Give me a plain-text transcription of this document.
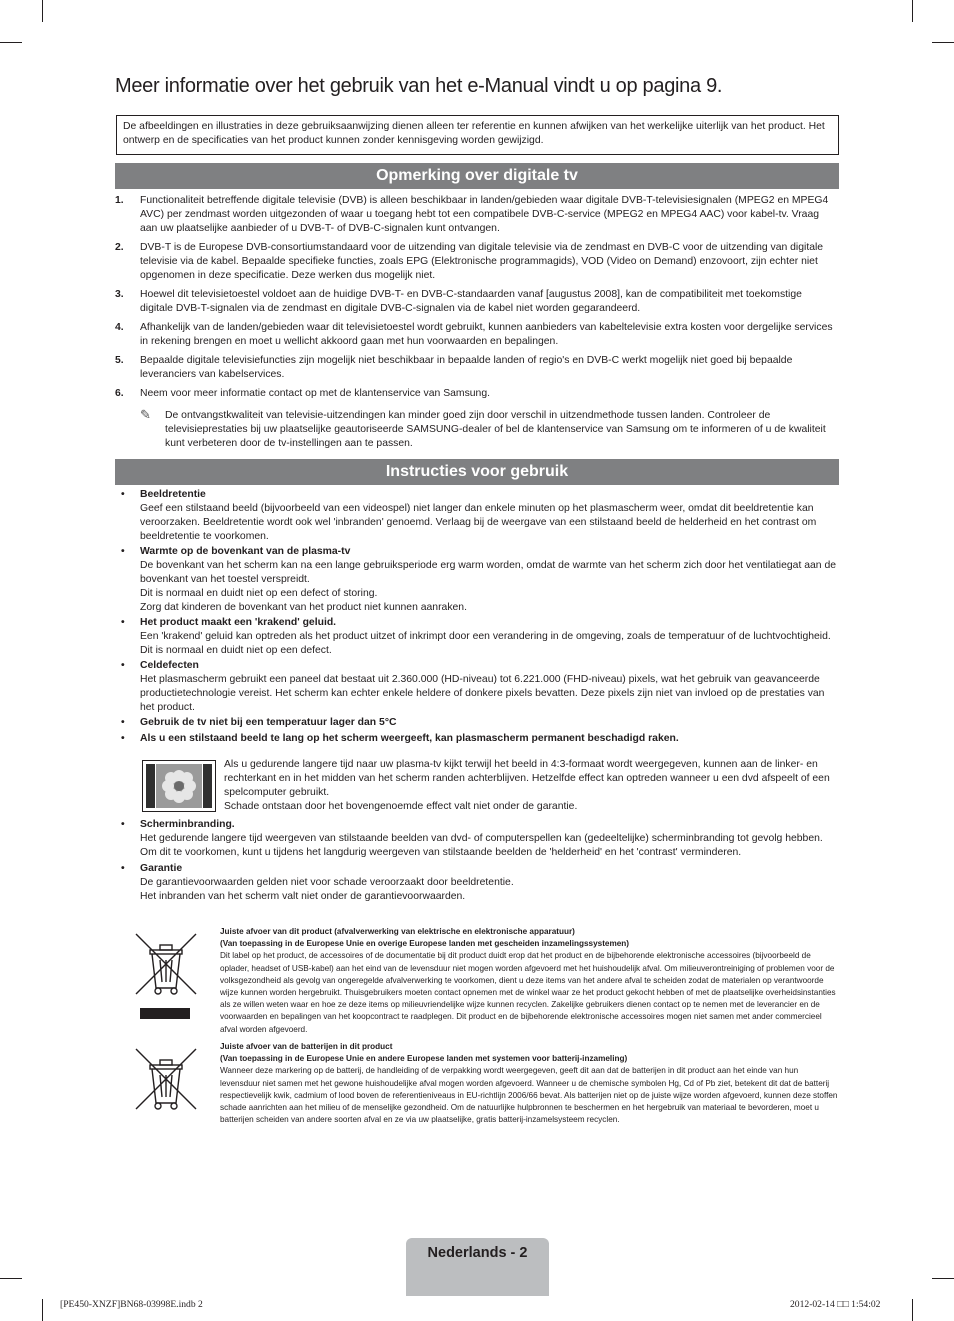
Meer informatie over het gebruik van het e-Manual vindt u op pagina 9.
De afbeeldingen en illustraties in deze gebruiksaanwijzing dienen alleen ter referentie en kunnen afwijken van het werkelijke uiterlijk van het product. Het ontwerp en de specificaties van het product kunnen zonder kennisgeving worden gewijzigd.
Opmerking over digitale tv
1. Functionaliteit betreffende digitale televisie (DVB) is alleen beschikbaar in landen/gebieden waar digitale DVB-T-televisiesignalen (MPEG2 en MPEG4 AVC) per zendmast worden uitgezonden of waar u toegang hebt tot een compatibele DVB-C-service (MPEG2 en MPEG4 AAC) voor kabel-tv. Vraag aan uw plaatselijke aanbieder of u DVB-T- of DVB-C-signalen kunt ontvangen.
2. DVB-T is de Europese DVB-consortiumstandaard voor de uitzending van digitale televisie via de zendmast en DVB-C voor de uitzending van digitale televisie via de kabel. Bepaalde specifieke functies, zoals EPG (Elektronische programmagids), VOD (Video on Demand) enzovoort, zijn echter niet opgenomen in deze specificatie. Deze werken dus mogelijk niet.
3. Hoewel dit televisietoestel voldoet aan de huidige DVB-T- en DVB-C-standaarden vanaf [augustus 2008], kan de compatibiliteit met toekomstige digitale DVB-T-signalen via de zendmast en digitale DVB-C-signalen via de kabel niet worden gegarandeerd.
4. Afhankelijk van de landen/gebieden waar dit televisietoestel wordt gebruikt, kunnen aanbieders van kabeltelevisie extra kosten voor dergelijke services in rekening brengen en moet u wellicht akkoord gaan met hun voorwaarden en bepalingen.
5. Bepaalde digitale televisiefuncties zijn mogelijk niet beschikbaar in bepaalde landen of regio's en DVB-C werkt mogelijk niet goed bij bepaalde leveranciers van kabelservices.
6. Neem voor meer informatie contact op met de klantenservice van Samsung.
✎ De ontvangstkwaliteit van televisie-uitzendingen kan minder goed zijn door verschil in uitzendmethode tussen landen. Controleer de televisieprestaties bij uw plaatselijke geautoriseerde SAMSUNG-dealer of bel de klantenservice van Samsung om te informeren of u de kwaliteit kunt verbeteren door de tv-instellingen aan te passen.
Instructies voor gebruik
• Beeldretentie
Geef een stilstaand beeld (bijvoorbeeld van een videospel) niet langer dan enkele minuten op het plasmascherm weer, omdat dit beeldretentie kan veroorzaken. Beeldretentie wordt ook wel 'inbranden' genoemd. Verlaag bij de weergave van een stilstaand beeld de helderheid en het contrast om beeldretentie te voorkomen.
• Warmte op de bovenkant van de plasma-tv
De bovenkant van het scherm kan na een lange gebruiksperiode erg warm worden, omdat de warmte van het scherm zich door het ventilatiegat aan de bovenkant van het toestel verspreidt.
Dit is normaal en duidt niet op een defect of storing.
Zorg dat kinderen de bovenkant van het product niet kunnen aanraken.
• Het product maakt een 'krakend' geluid.
Een 'krakend' geluid kan optreden als het product uitzet of inkrimpt door een verandering in de omgeving, zoals de temperatuur of de luchtvochtigheid. Dit is normaal en duidt niet op een defect.
• Celdefecten
Het plasmascherm gebruikt een paneel dat bestaat uit 2.360.000 (HD-niveau) tot 6.221.000 (FHD-niveau) pixels, wat het gebruik van geavanceerde productietechnologie vereist. Het scherm kan echter enkele heldere of donkere pixels bevatten. Deze pixels zijn niet van invloed op de prestaties van het product.
• Gebruik de tv niet bij een temperatuur lager dan 5°C
• Als u een stilstaand beeld te lang op het scherm weergeeft, kan plasmascherm permanent beschadigd raken.
Als u gedurende langere tijd naar uw plasma-tv kijkt terwijl het beeld in 4:3-formaat wordt weergegeven, kunnen aan de linker- en rechterkant en in het midden van het scherm randen achterblijven. Hetzelfde effect kan optreden wanneer u een dvd afspeelt of een spelcomputer gebruikt.
Schade ontstaan door het bovengenoemde effect valt niet onder de garantie.
• Scherminbranding.
Het gedurende langere tijd weergeven van stilstaande beelden van dvd- of computerspellen kan (gedeeltelijke) scherminbranding tot gevolg hebben.
Om dit te voorkomen, kunt u tijdens het langdurig weergeven van stilstaande beelden de 'helderheid' en het 'contrast' verminderen.
• Garantie
De garantievoorwaarden gelden niet voor schade veroorzaakt door beeldretentie.
Het inbranden van het scherm valt niet onder de garantievoorwaarden.
Juiste afvoer van dit product (afvalverwerking van elektrische en elektronische apparatuur)
(Van toepassing in de Europese Unie en overige Europese landen met gescheiden inzamelingssystemen)
Dit label op het product, de accessoires of de documentatie bij dit product duidt erop dat het product en de bijbehorende elektronische accessoires (bijvoorbeeld de oplader, headset of USB-kabel) aan het eind van de levensduur niet mogen worden afgevoerd met het huishoudelijk afval. Om milieuverontreiniging of problemen voor de volksgezondheid als gevolg van ongeregelde afvalverwerking te voorkomen, dient u deze items van het andere afval te scheiden zodat de materialen op verantwoorde wijze kunnen worden hergebruikt. Thuisgebruikers moeten contact opnemen met de winkel waar ze het product gekocht hebben of met de plaatselijke overheidsinstanties als ze willen weten waar en hoe ze deze items op milieuvriendelijke wijze kunnen recyclen. Zakelijke gebruikers dienen contact op te nemen met de leverancier en de voorwaarden en bepalingen van het koopcontract te raadplegen. Dit product en de bijbehorende elektronische accessoires mogen niet samen met ander commercieel afval worden afgevoerd.
Juiste afvoer van de batterijen in dit product
(Van toepassing in de Europese Unie en andere Europese landen met systemen voor batterij-inzameling)
Wanneer deze markering op de batterij, de handleiding of de verpakking wordt weergegeven, geeft dit aan dat de batterijen in dit product aan het einde van hun levensduur niet samen met het gewone huishoudelijke afval mogen worden afgevoerd. Wanneer u de chemische symbolen Hg, Cd of Pb ziet, betekent dit dat de batterij respectievelijk kwik, cadmium of lood boven de referentieniveaus in EU-richtlijn 2006/66 bevat. Als batterijen niet op de juiste wijze worden afgevoerd, kunnen deze stoffen schade aanrichten aan het milieu of de menselijke gezondheid. Om de natuurlijke hulpbronnen te beschermen en het hergebruik van materiaal te bevorderen, moet u batterijen scheiden van andere soorten afval en ze via uw plaatselijke, gratis batterij-inzamelsysteem recyclen.
Nederlands - 2
[PE450-XNZF]BN68-03998E.indb 2	2012-02-14 □□ 1:54:02
